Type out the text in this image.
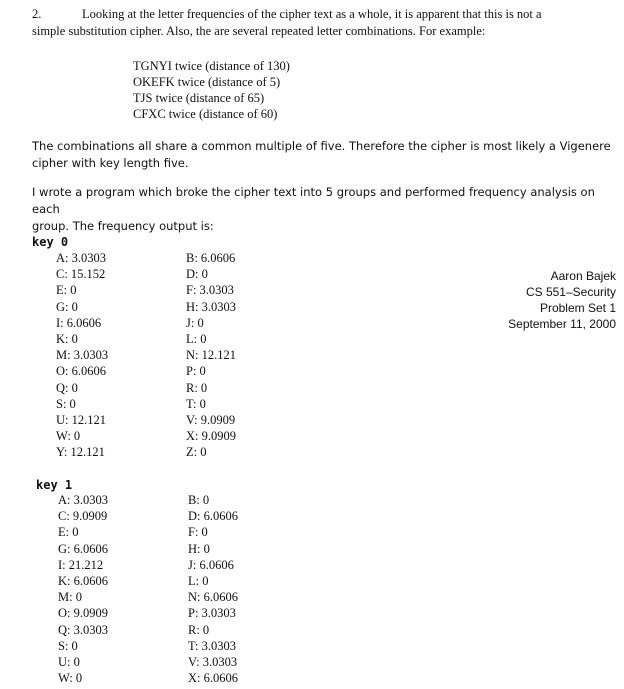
2.	Looking at the letter frequencies of the cipher text as a whole, it is apparent that this is not a
simple substitution cipher. Also, the are several repeated letter combinations. For example:
TGNYI twice (distance of 130)
OKEFK twice (distance of 5)
TJS twice (distance of 65)
CFXC twice (distance of 60)
The combinations all share a common multiple of five. Therefore the cipher is most likely a Vigenere
cipher with key length five.
I wrote a program which broke the cipher text into 5 groups and performed frequency analysis on each
group. The frequency output is:
Aaron Bajek
CS 551–Security
Problem Set 1
September 11, 2000
key 0
A: 3.0303
C: 15.152
E: 0
G: 0
I: 6.0606
K: 0
M: 3.0303
O: 6.0606
Q: 0
S: 0
U: 12.121
W: 0
Y: 12.121
B: 6.0606
D: 0
F: 3.0303
H: 3.0303
J: 0
L: 0
N: 12.121
P: 0
R: 0
T: 0
V: 9.0909
X: 9.0909
Z: 0
key 1
A: 3.0303
C: 9.0909
E: 0
G: 6.0606
I: 21.212
K: 6.0606
M: 0
O: 9.0909
Q: 3.0303
S: 0
U: 0
W: 0
B: 0
D: 6.0606
F: 0
H: 0
J: 6.0606
L: 0
N: 6.0606
P: 3.0303
R: 0
T: 3.0303
V: 3.0303
X: 6.0606
